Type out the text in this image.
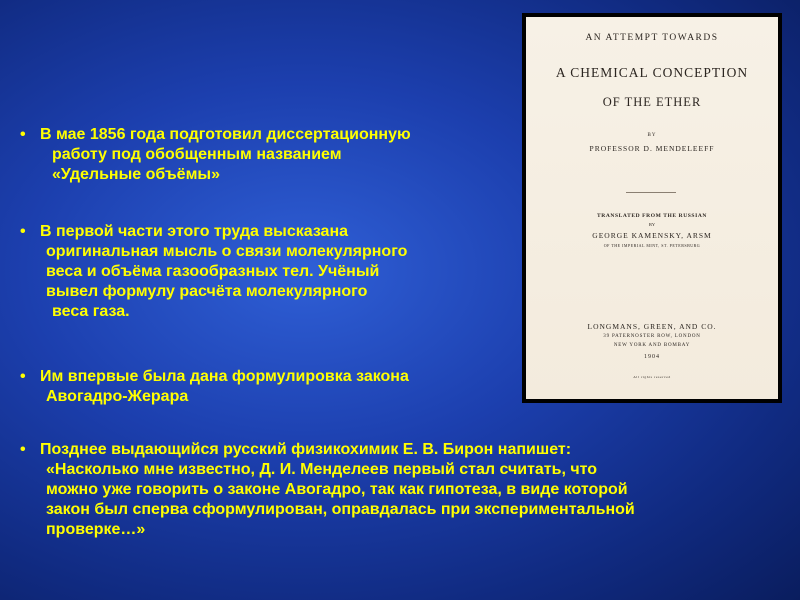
• В мае 1856 года подготовил диссертационную
работу под обобщенным названием
«Удельные объёмы»
• В первой части этого труда высказана
оригинальная мысль о связи молекулярного
веса и объёма газообразных тел. Учёный
вывел формулу расчёта молекулярного
веса газа.
• Им впервые была дана формулировка закона
Авогадро-Жерара
• Позднее выдающийся русский физикохимик Е. В. Бирон напишет:
«Насколько мне известно, Д. И. Менделеев первый стал считать, что
можно уже говорить о законе Авогадро, так как гипотеза, в виде которой
закон был сперва сформулирован, оправдалась при экспериментальной
проверке…»
AN ATTEMPT TOWARDS
A CHEMICAL CONCEPTION
OF THE ETHER
BY
PROFESSOR D. MENDELEEFF
TRANSLATED FROM THE RUSSIAN
BY
GEORGE KAMENSKY, ARSM
OF THE IMPERIAL MINT, ST. PETERSBURG
LONGMANS, GREEN, AND CO.
39 PATERNOSTER ROW, LONDON
NEW YORK AND BOMBAY
1904
All rights reserved
